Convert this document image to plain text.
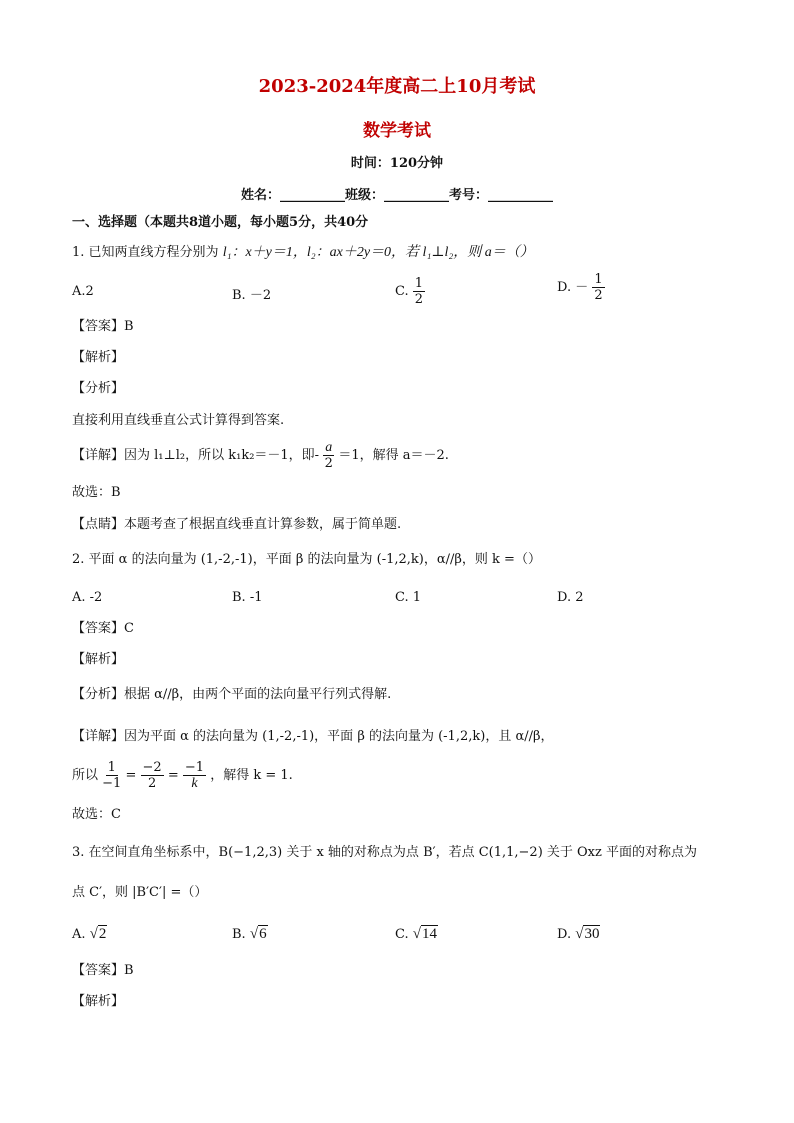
2023-2024年度高二上10月考试
数学考试
时间：120分钟
姓名：__________班级：__________考号：__________
一、选择题（本题共8道小题，每小题5分，共40分
1. 已知两直线方程分别为 l₁：x＋y＝1，l₂：ax＋2y＝0，若 l₁⊥l₂，则 a＝（）
A.2	B. －2	C. $\frac{1}{2}$	D. － $\frac{1}{2}$
【答案】B
【解析】
【分析】
直接利用直线垂直公式计算得到答案.
【详解】因为 l₁⊥l₂，所以 k₁k₂＝－1，即- $\frac{a}{2} =1$，解得 a＝－2.
故选：B
【点睛】本题考查了根据直线垂直计算参数，属于简单题.
2. 平面 α 的法向量为 (1,-2,-1)，平面 β 的法向量为 (-1,2,k)，α//β，则 k =（）
A. -2	B. -1	C. 1	D. 2
【答案】C
【解析】
【分析】根据 α//β，由两个平面的法向量平行列式得解.
【详解】因为平面 α 的法向量为 (1,-2,-1)，平面 β 的法向量为 (-1,2,k)，且 α//β，
所以 $\frac{1}{-1} = \frac{-2}{2} = \frac{-1}{k}$ ，解得 k = 1.
故选：C
3. 在空间直角坐标系中，B(−1,2,3) 关于 x 轴的对称点为点 B′，若点 C(1,1,−2) 关于 Oxz 平面的对称点为
点 C′，则 |B′C′| =（）
A. √2	B. √6	C. √14	D. √30
【答案】B
【解析】
